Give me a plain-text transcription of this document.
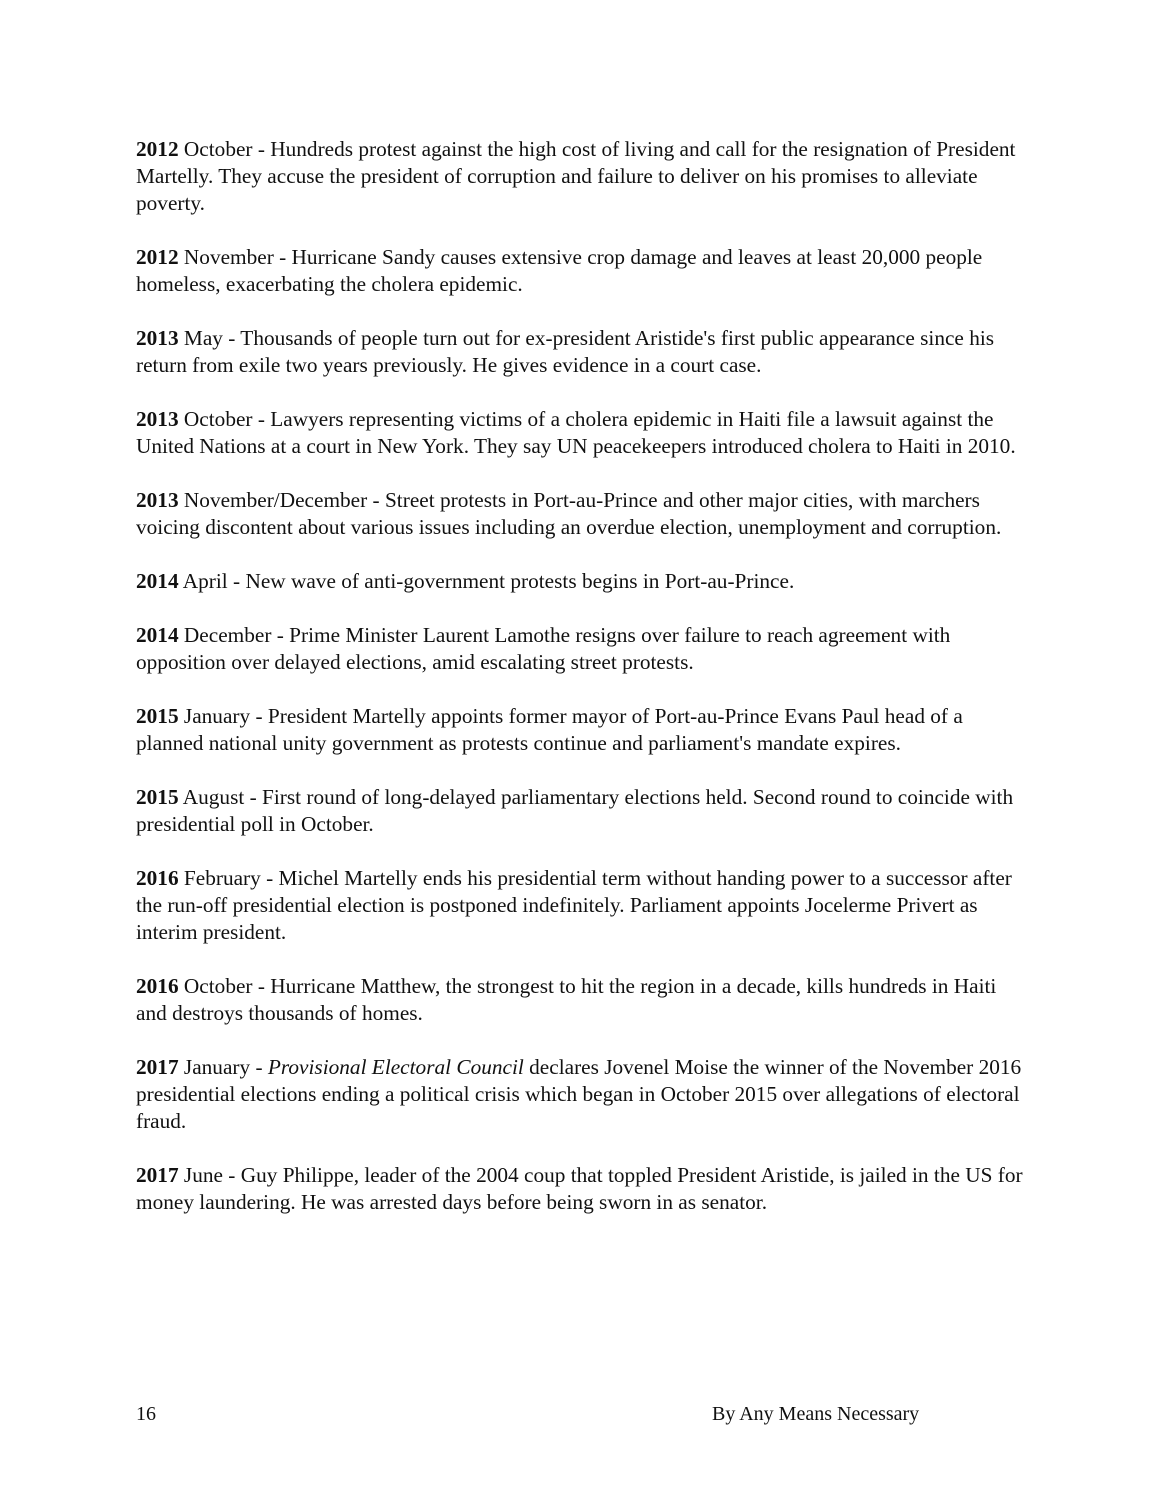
2012 October - Hundreds protest against the high cost of living and call for the resignation of President Martelly. They accuse the president of corruption and failure to deliver on his promises to alleviate poverty.

2012 November - Hurricane Sandy causes extensive crop damage and leaves at least 20,000 people homeless, exacerbating the cholera epidemic.

2013 May - Thousands of people turn out for ex-president Aristide's first public appearance since his return from exile two years previously. He gives evidence in a court case.

2013 October - Lawyers representing victims of a cholera epidemic in Haiti file a lawsuit against the United Nations at a court in New York. They say UN peacekeepers introduced cholera to Haiti in 2010.

2013 November/December - Street protests in Port-au-Prince and other major cities, with marchers voicing discontent about various issues including an overdue election, unemployment and corruption.

2014 April - New wave of anti-government protests begins in Port-au-Prince.

2014 December - Prime Minister Laurent Lamothe resigns over failure to reach agreement with opposition over delayed elections, amid escalating street protests.

2015 January - President Martelly appoints former mayor of Port-au-Prince Evans Paul head of a planned national unity government as protests continue and parliament's mandate expires.

2015 August - First round of long-delayed parliamentary elections held. Second round to coincide with presidential poll in October.

2016 February - Michel Martelly ends his presidential term without handing power to a successor after the run-off presidential election is postponed indefinitely. Parliament appoints Jocelerme Privert as interim president.

2016 October - Hurricane Matthew, the strongest to hit the region in a decade, kills hundreds in Haiti and destroys thousands of homes.

2017 January - Provisional Electoral Council declares Jovenel Moise the winner of the November 2016 presidential elections ending a political crisis which began in October 2015 over allegations of electoral fraud.

2017 June - Guy Philippe, leader of the 2004 coup that toppled President Aristide, is jailed in the US for money laundering. He was arrested days before being sworn in as senator.

16	By Any Means Necessary
